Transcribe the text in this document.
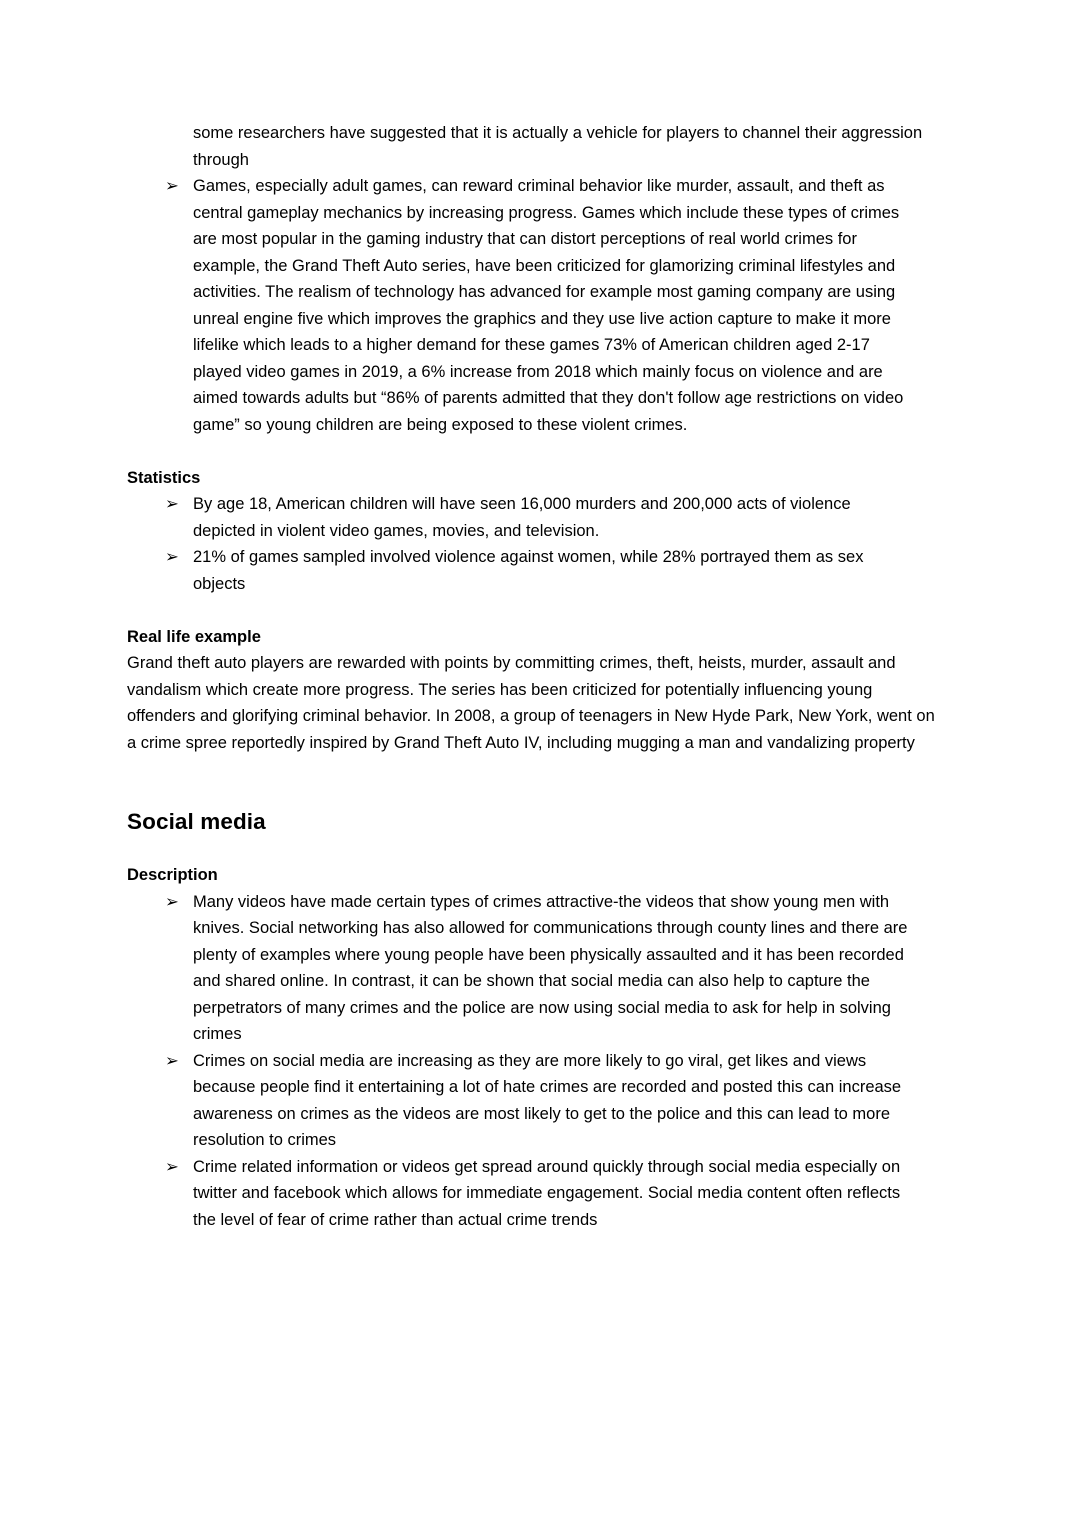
some researchers have suggested that it is actually a vehicle for players to channel their aggression through

➢ Games, especially adult games, can reward criminal behavior like murder, assault, and theft as central gameplay mechanics by increasing progress. Games which include these types of crimes are most popular in the gaming industry that can distort perceptions of real world crimes for example, the Grand Theft Auto series, have been criticized for glamorizing criminal lifestyles and activities. The realism of technology has advanced for example most gaming company are using unreal engine five which improves the graphics and they use live action capture to make it more lifelike which leads to a higher demand for these games 73% of American children aged 2-17 played video games in 2019, a 6% increase from 2018 which mainly focus on violence and are aimed towards adults but “86% of parents admitted that they don't follow age restrictions on video game” so young children are being exposed to these violent crimes.
Statistics
➢ By age 18, American children will have seen 16,000 murders and 200,000 acts of violence depicted in violent video games, movies, and television.
➢ 21% of games sampled involved violence against women, while 28% portrayed them as sex objects
Real life example

Grand theft auto players are rewarded with points by committing crimes, theft, heists, murder, assault and vandalism which create more progress. The series has been criticized for potentially influencing young offenders and glorifying criminal behavior. In 2008, a group of teenagers in New Hyde Park, New York, went on a crime spree reportedly inspired by Grand Theft Auto IV, including mugging a man and vandalizing property

Social media
Description
➢ Many videos have made certain types of crimes attractive-the videos that show young men with knives. Social networking has also allowed for communications through county lines and there are plenty of examples where young people have been physically assaulted and it has been recorded and shared online. In contrast, it can be shown that social media can also help to capture the perpetrators of many crimes and the police are now using social media to ask for help in solving crimes
➢ Crimes on social media are increasing as they are more likely to go viral, get likes and views because people find it entertaining a lot of hate crimes are recorded and posted this can increase awareness on crimes as the videos are most likely to get to the police and this can lead to more resolution to crimes
➢ Crime related information or videos get spread around quickly through social media especially on twitter and facebook which allows for immediate engagement. Social media content often reflects the level of fear of crime rather than actual crime trends
